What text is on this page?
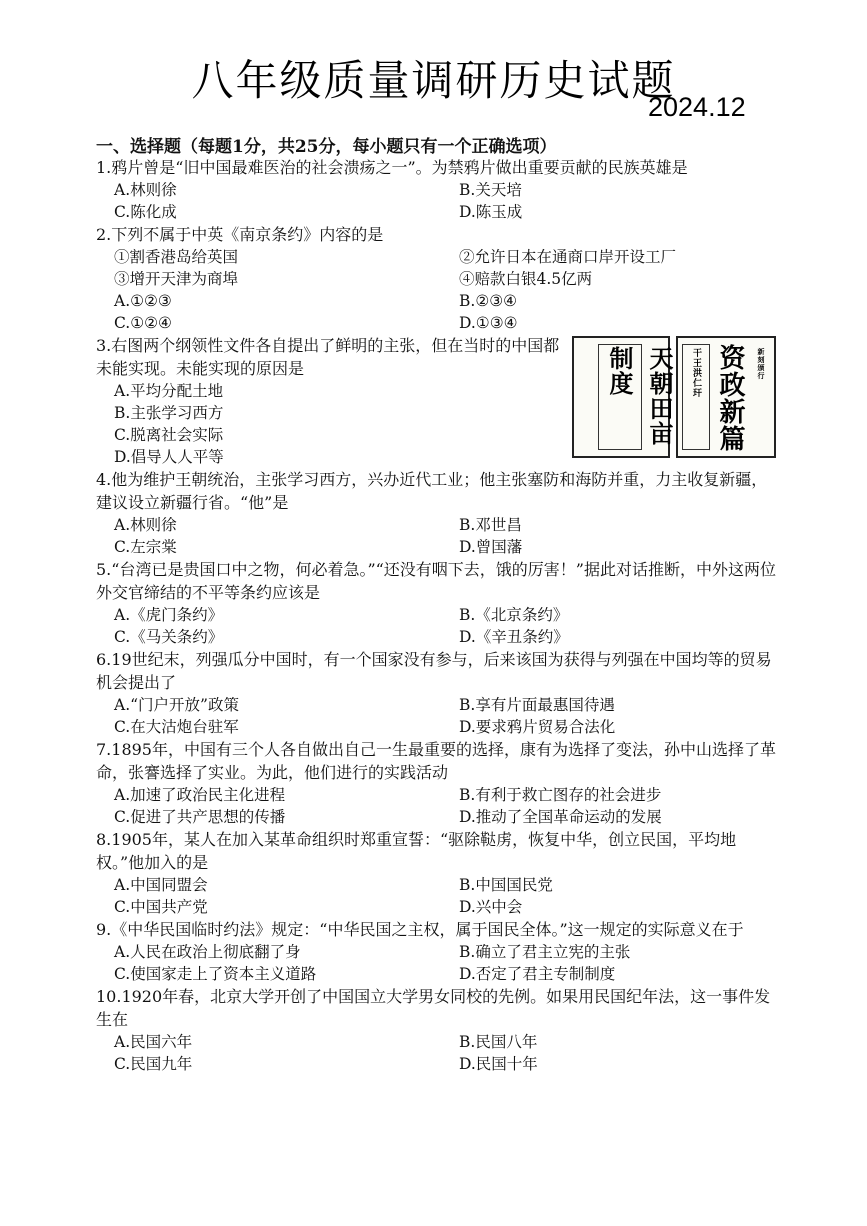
八年级质量调研历史试题
2024.12
一、选择题（每题1分，共25分，每小题只有一个正确选项）
1.鸦片曾是“旧中国最难医治的社会溃疡之一”。为禁鸦片做出重要贡献的民族英雄是
A.林则徐	B.关天培
C.陈化成	D.陈玉成
2.下列不属于中英《南京条约》内容的是
①割香港岛给英国	②允许日本在通商口岸开设工厂
③增开天津为商埠	④赔款白银4.5亿两
A.①②③	B.②③④
C.①②④	D.①③④
3.右图两个纲领性文件各自提出了鲜明的主张，但在当时的中国都未能实现。未能实现的原因是
A.平均分配土地
B.主张学习西方
C.脱离社会实际
D.倡导人人平等
4.他为维护王朝统治，主张学习西方，兴办近代工业；他主张塞防和海防并重，力主收复新疆，建议设立新疆行省。“他”是
A.林则徐	B.邓世昌
C.左宗棠	D.曾国藩
5.“台湾已是贵国口中之物，何必着急。”“还没有咽下去，饿的厉害！”据此对话推断，中外这两位外交官缔结的不平等条约应该是
A.《虎门条约》	B.《北京条约》
C.《马关条约》	D.《辛丑条约》
6.19世纪末，列强瓜分中国时，有一个国家没有参与，后来该国为获得与列强在中国均等的贸易机会提出了
A.“门户开放”政策	B.享有片面最惠国待遇
C.在大沽炮台驻军	D.要求鸦片贸易合法化
7.1895年，中国有三个人各自做出自己一生最重要的选择，康有为选择了变法，孙中山选择了革命，张謇选择了实业。为此，他们进行的实践活动
A.加速了政治民主化进程	B.有利于救亡图存的社会进步
C.促进了共产思想的传播	D.推动了全国革命运动的发展
8.1905年，某人在加入某革命组织时郑重宣誓：“驱除鞑虏，恢复中华，创立民国，平均地权。”他加入的是
A.中国同盟会	B.中国国民党
C.中国共产党	D.兴中会
9.《中华民国临时约法》规定：“中华民国之主权，属于国民全体。”这一规定的实际意义在于
A.人民在政治上彻底翻了身	B.确立了君主立宪的主张
C.使国家走上了资本主义道路	D.否定了君主专制制度
10.1920年春，北京大学开创了中国国立大学男女同校的先例。如果用民国纪年法，这一事件发生在
A.民国六年	B.民国八年
C.民国九年	D.民国十年
天朝田亩制度	干王洪仁玕 资政新篇	新刻颁行
